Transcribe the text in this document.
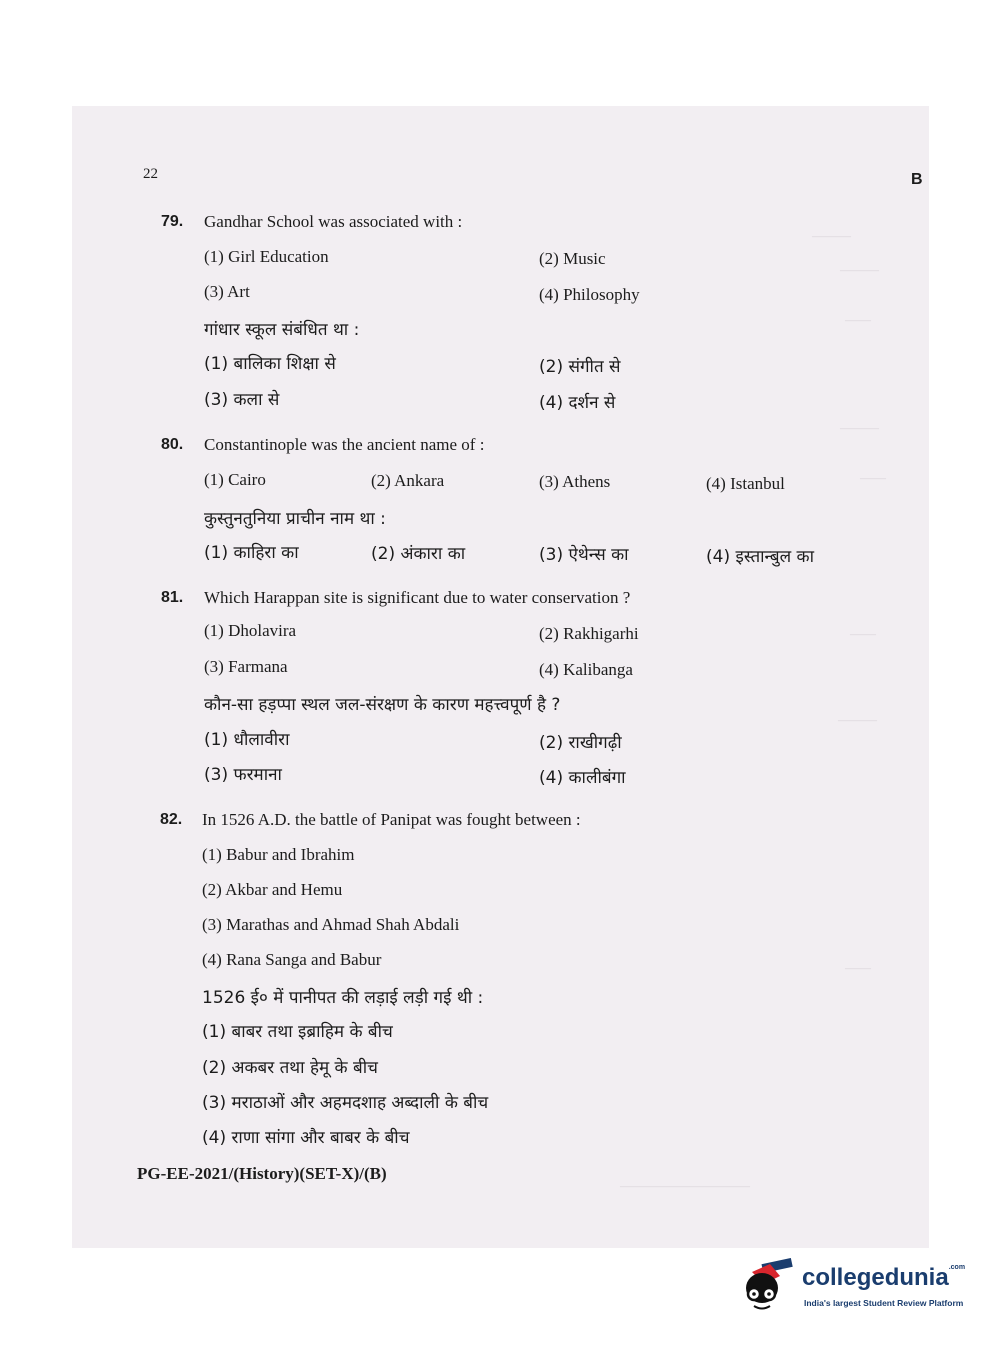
———
———
——
———
——
——
———
——
——————————
22	B
79. Gandhar School was associated with :
(1) Girl Education	(2) Music
(3) Art	(4) Philosophy
गांधार स्कूल संबंधित था :
(1) बालिका शिक्षा से	(2) संगीत से
(3) कला से	(4) दर्शन से
80. Constantinople was the ancient name of :
(1) Cairo	(2) Ankara	(3) Athens	(4) Istanbul
कुस्तुनतुनिया प्राचीन नाम था :
(1) काहिरा का	(2) अंकारा का	(3) ऐथेन्स का	(4) इस्तान्बुल का
81. Which Harappan site is significant due to water conservation ?
(1) Dholavira	(2) Rakhigarhi
(3) Farmana	(4) Kalibanga
कौन-सा हड़प्पा स्थल जल-संरक्षण के कारण महत्त्वपूर्ण है ?
(1) धौलावीरा	(2) राखीगढ़ी
(3) फरमाना	(4) कालीबंगा
82. In 1526 A.D. the battle of Panipat was fought between :
(1) Babur and Ibrahim
(2) Akbar and Hemu
(3) Marathas and Ahmad Shah Abdali
(4) Rana Sanga and Babur
1526 ई० में पानीपत की लड़ाई लड़ी गई थी :
(1) बाबर तथा इब्राहिम के बीच
(2) अकबर तथा हेमू के बीच
(3) मराठाओं और अहमदशाह अब्दाली के बीच
(4) राणा सांगा और बाबर के बीच
PG-EE-2021/(History)(SET-X)/(B)
collegedunia$^{.com}$
India's largest Student Review Platform
